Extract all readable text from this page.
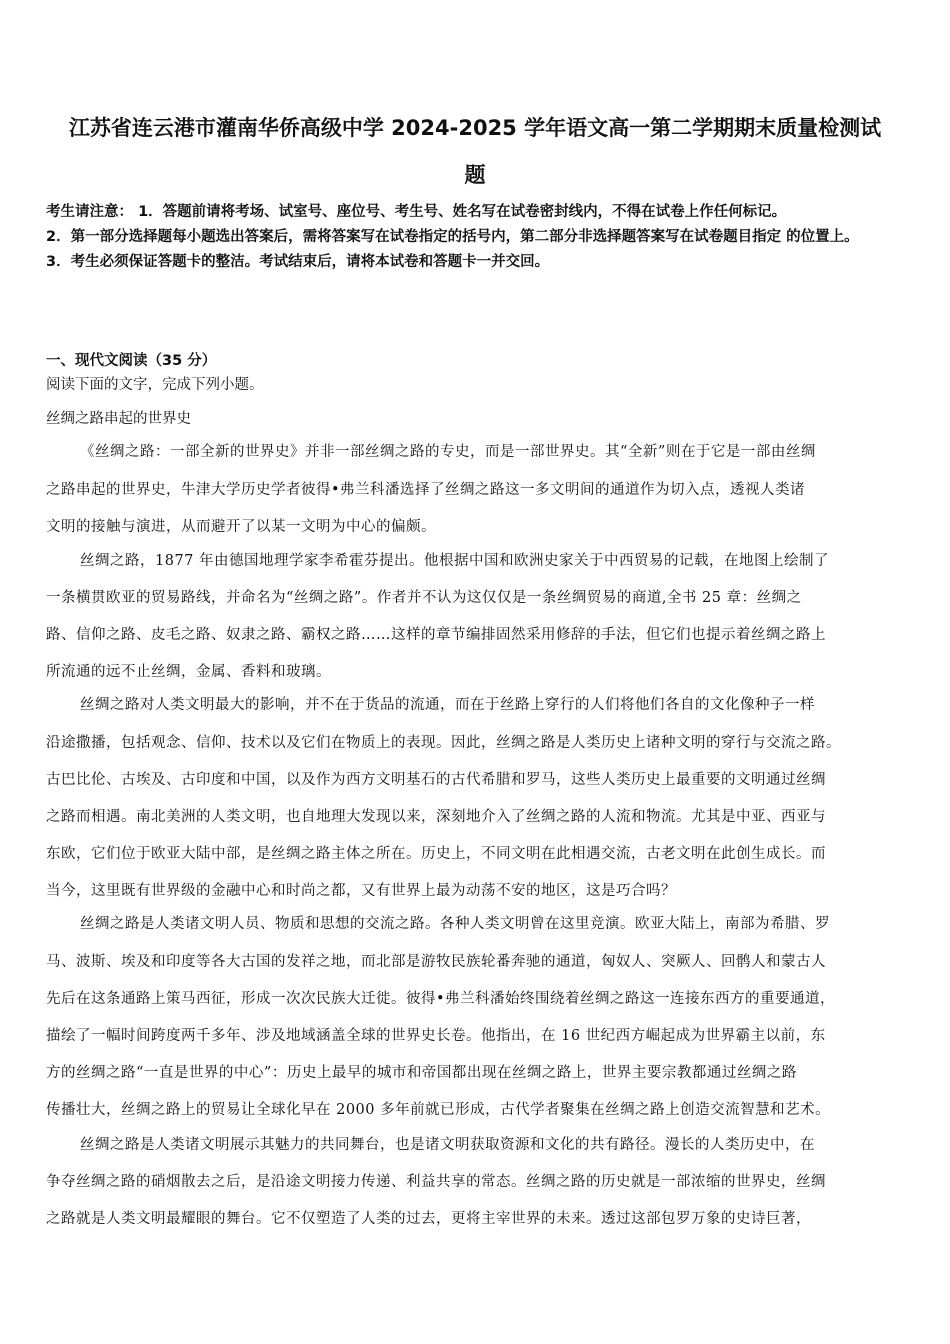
江苏省连云港市灌南华侨高级中学 2024-2025 学年语文高一第二学期期末质量检测试
题
考生请注意： 1．答题前请将考场、试室号、座位号、考生号、姓名写在试卷密封线内，不得在试卷上作任何标记。 2．第一部分选择题每小题选出答案后，需将答案写在试卷指定的括号内，第二部分非选择题答案写在试卷题目指定 的位置上。 3．考生必须保证答题卡的整洁。考试结束后，请将本试卷和答题卡一并交回。
一、现代文阅读（35 分）
阅读下面的文字，完成下列小题。
丝绸之路串起的世界史
《丝绸之路：一部全新的世界史》并非一部丝绸之路的专史，而是一部世界史。其“全新”则在于它是一部由丝绸
之路串起的世界史，牛津大学历史学者彼得•弗兰科潘选择了丝绸之路这一多文明间的通道作为切入点，透视人类诸
文明的接触与演进，从而避开了以某一文明为中心的偏颇。
丝绸之路，1877 年由德国地理学家李希霍芬提出。他根据中国和欧洲史家关于中西贸易的记载，在地图上绘制了
一条横贯欧亚的贸易路线，并命名为“丝绸之路”。作者并不认为这仅仅是一条丝绸贸易的商道,全书 25 章：丝绸之
路、信仰之路、皮毛之路、奴隶之路、霸权之路……这样的章节编排固然采用修辞的手法，但它们也提示着丝绸之路上
所流通的远不止丝绸，金属、香料和玻璃。
丝绸之路对人类文明最大的影响，并不在于货品的流通，而在于丝路上穿行的人们将他们各自的文化像种子一样
沿途撒播，包括观念、信仰、技术以及它们在物质上的表现。因此，丝绸之路是人类历史上诸种文明的穿行与交流之路。
古巴比伦、古埃及、古印度和中国，以及作为西方文明基石的古代希腊和罗马，这些人类历史上最重要的文明通过丝绸
之路而相遇。南北美洲的人类文明，也自地理大发现以来，深刻地介入了丝绸之路的人流和物流。尤其是中亚、西亚与
东欧，它们位于欧亚大陆中部，是丝绸之路主体之所在。历史上，不同文明在此相遇交流，古老文明在此创生成长。而
当今，这里既有世界级的金融中心和时尚之都，又有世界上最为动荡不安的地区，这是巧合吗？
丝绸之路是人类诸文明人员、物质和思想的交流之路。各种人类文明曾在这里竞演。欧亚大陆上，南部为希腊、罗
马、波斯、埃及和印度等各大古国的发祥之地，而北部是游牧民族轮番奔驰的通道，匈奴人、突厥人、回鹘人和蒙古人
先后在这条通路上策马西征，形成一次次民族大迁徙。彼得•弗兰科潘始终围绕着丝绸之路这一连接东西方的重要通道，
描绘了一幅时间跨度两千多年、涉及地域涵盖全球的世界史长卷。他指出，在 16 世纪西方崛起成为世界霸主以前，东
方的丝绸之路“一直是世界的中心”：历史上最早的城市和帝国都出现在丝绸之路上，世界主要宗教都通过丝绸之路
传播壮大，丝绸之路上的贸易让全球化早在 2000 多年前就已形成，古代学者聚集在丝绸之路上创造交流智慧和艺术。
丝绸之路是人类诸文明展示其魅力的共同舞台，也是诸文明获取资源和文化的共有路径。漫长的人类历史中，在
争夺丝绸之路的硝烟散去之后，是沿途文明接力传递、利益共享的常态。丝绸之路的历史就是一部浓缩的世界史，丝绸
之路就是人类文明最耀眼的舞台。它不仅塑造了人类的过去，更将主宰世界的未来。透过这部包罗万象的史诗巨著，
